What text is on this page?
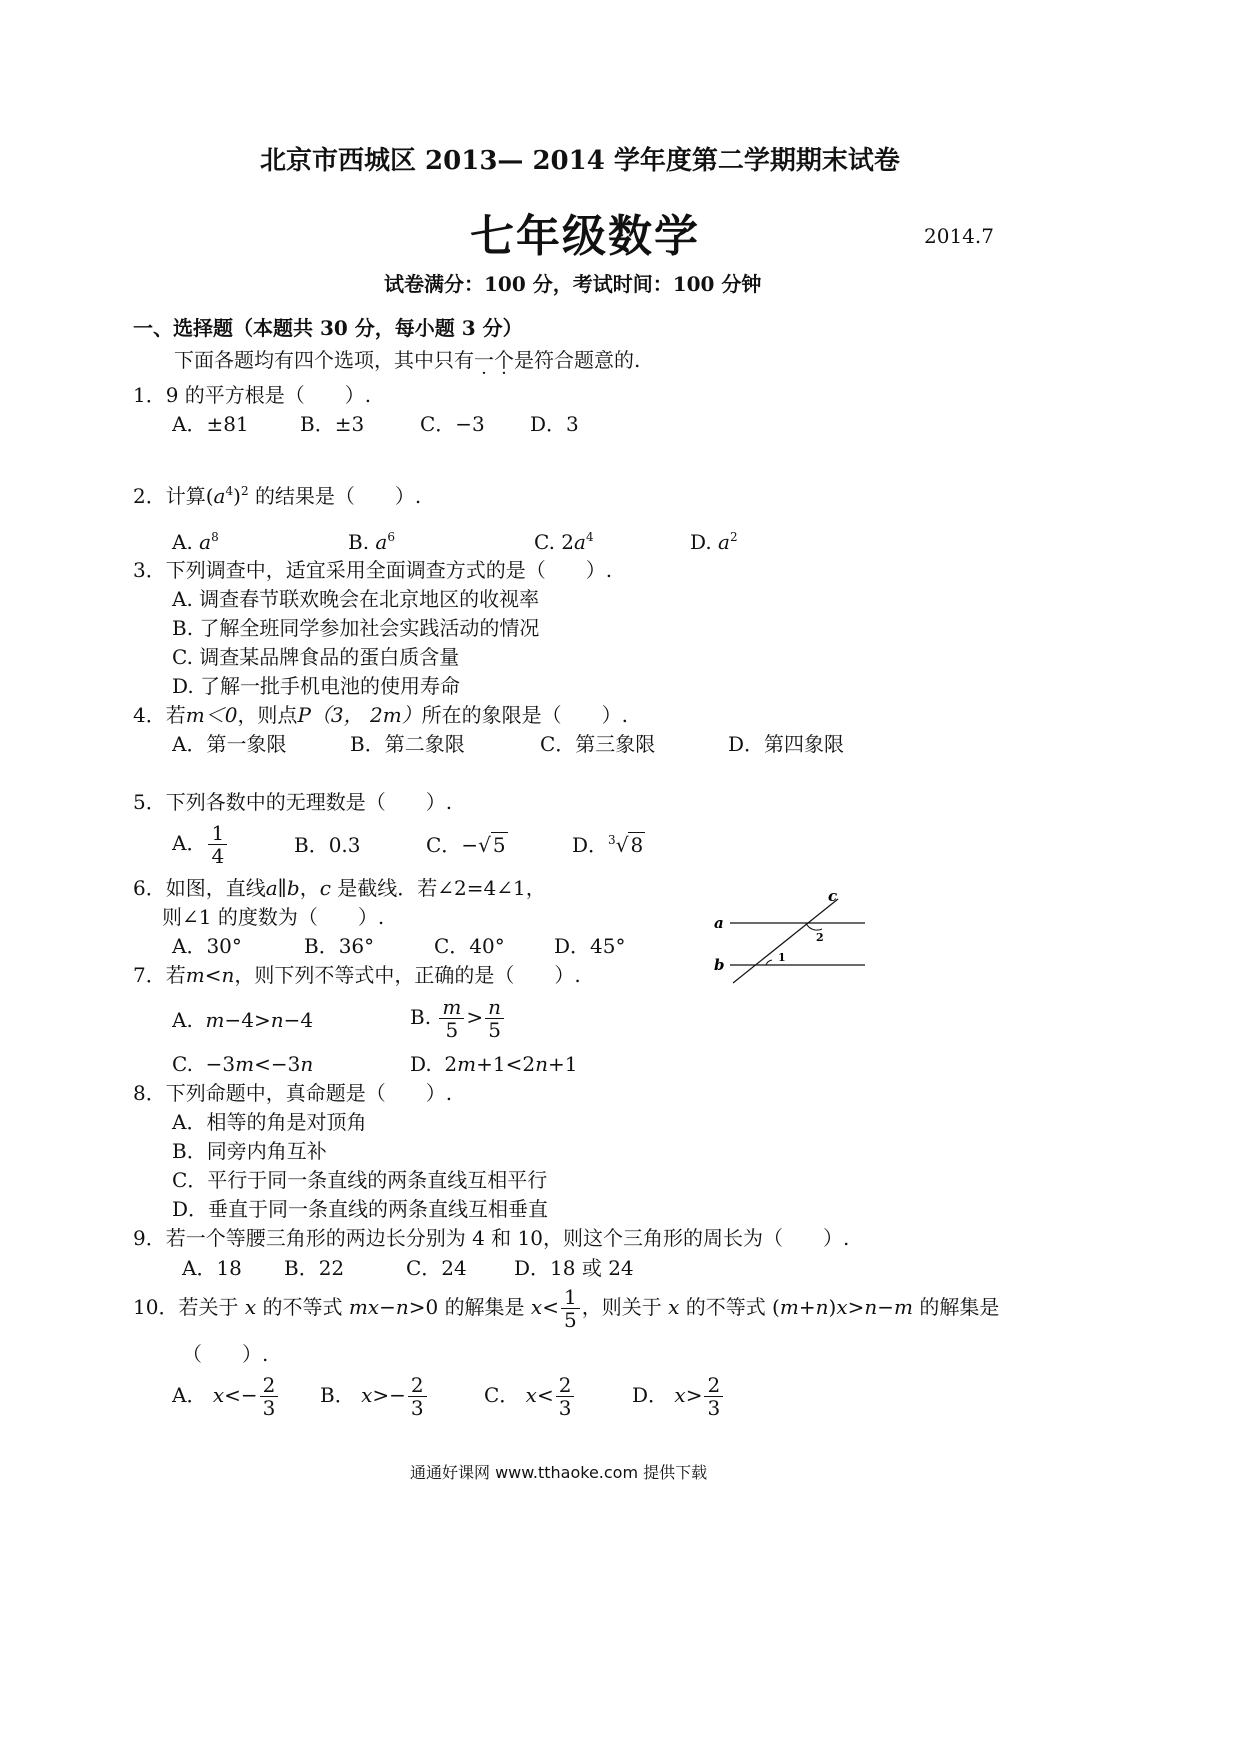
北京市西城区 2013— 2014 学年度第二学期期末试卷
七年级数学	2014.7
试卷满分：100 分，考试时间：100 分钟
一、选择题（本题共 30 分，每小题 3 分）
下面各题均有四个选项，其中只有一个是符合题意的.
1．9 的平方根是（　　）.
A．±81	B．±3	C．−3 D．3
2．计算$(a^4)^2$ 的结果是（　　）.
A. $a^8$	B. $a^6$	C. $2a^4$	D. $a^2$
3．下列调查中，适宜采用全面调查方式的是（　　）.
A. 调查春节联欢晚会在北京地区的收视率
B. 了解全班同学参加社会实践活动的情况
C. 调查某品牌食品的蛋白质含量
D. 了解一批手机电池的使用寿命
4．若m＜0，则点P（3， 2m）所在的象限是（　　）.
A．第一象限	B．第二象限	C．第三象限	D．第四象限
5．下列各数中的无理数是（　　）.
A． $\frac{1}{4}$	B．0.3	C．−√ 5	D．$^3$√ 8
6．如图，直线a∥b，c 是截线．若∠2=4∠1，
则∠1 的度数为（　　）.
A．30°	B．36°	C．40° D．45°
a
b
c
1
2
7．若m<n，则下列不等式中，正确的是（　　）.
A. m−4>n−4	B. $\frac{m}{5} > \frac{n}{5}$
C.  −3m<−3n	D.  2m+1<2n+1
8．下列命题中，真命题是（　　）.
A．相等的角是对顶角
B．同旁内角互补
C．平行于同一条直线的两条直线互相平行
D．垂直于同一条直线的两条直线互相垂直
9．若一个等腰三角形的两边长分别为 4 和 10，则这个三角形的周长为（　　）.
A．18 B．22	C．24 D．18 或 24
10．若关于 x 的不等式 mx−n>0 的解集是 $x< \frac{1}{5}$ ，则关于 x 的不等式 (m+n)x>n−m 的解集是
（　　）.
A． $x<- \frac{2}{3}$ B． $x>- \frac{2}{3}$	C． $x< \frac{2}{3}$	D． $x> \frac{2}{3}$
通通好课网 www.tthaoke.com 提供下载
